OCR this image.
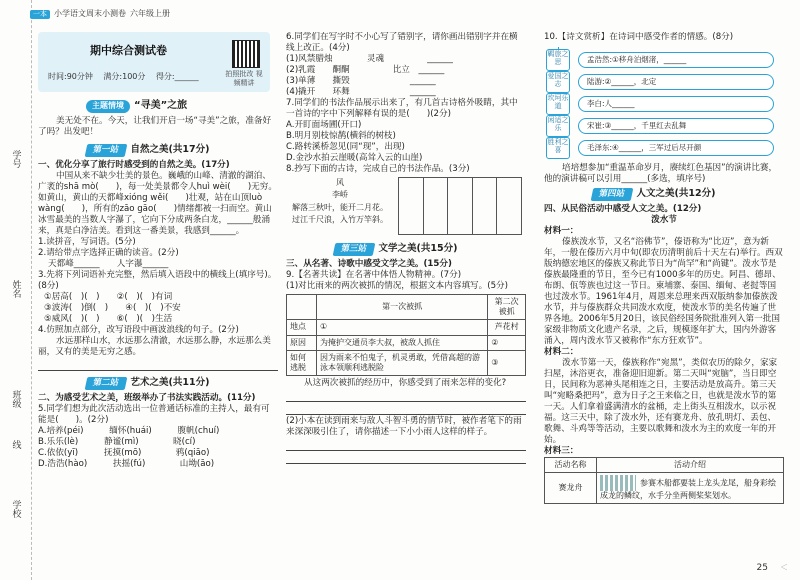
学号
姓名
班级
线
学校
一本 小学语文周末小测卷 六年级上册
期中综合测试卷
时间:90分钟　 满分:100分　 得分:______	拍照批改 视频精讲
主题情境	“寻美”之旅

美无处不在。今天，让我们开启一场“寻美”之旅，准备好了吗？出发吧！

第一站	自然之美(共17分)

一、优化分享了旅行时感受到的自然之美。(17分)

中国从来不缺少壮美的景色。巍峨的山峰、清澈的湖泊、广袤的shā mò(　　)，每一处美景都令人huì wèi(　　)无穷。如黄山，黄山的天都峰xióng wěi(　　)壮观，站在山顶luò wàng(　　)，所有的zāo gāo(　　)情绪都被一扫而空。黄山冰雪最美的当数人字瀑了，它向下分成两条白龙，______般涌来，真是白净洁美。看到这一番美景，我感到______。

1.读拼音，写词语。(5分)

2.请给带点字选择正确的读音。(2分)

天都峰______　　人字瀑______

3.先将下列词语补充完整，然后填入语段中的横线上(填序号)。(8分)

①居高(　)(　)　　②(　)(　)有词

③波涛(　)倒(　)　　④(　)(　)不安

⑤威风(　)(　)　　⑥(　)(　)生活

4.仿照加点部分，改写语段中画波浪线的句子。(2分)

水远那样山水，水远那么清澈，水远那么静，水远那么美丽，又有的美是无穷之感。

第二站	艺术之美(共11分)

二、为感受艺术之美，班级举办了书法实践活动。(11分)

5.同学们想为此次活动选出一位普通话标准的主持人，最有可能是(　　)。(2分)

A.培养(péi)　　　缅怀(huái)　　　腹帆(chuí)

B.乐乐(lè)　　　静谧(mì)　　　　晓(cí)

C.依依(yī)　　　抚摸(mō)　　　　鸦(qiāo)

D.浩浩(hào)　　　扶摇(fú)　　　　山坳(āo)

6.同学们在写字时不小心写了错别字，请你画出错别字并在横线上改正。(4分)

(1)风禁腊烛　　　　灵魂　　　　　______

(2)乳霞　　酮酮　　　　　比立　______

(3)单薄　　撕毁　　　　　　　______

(4)撬开　　环舞　　　　　　　______

7.同学们的书法作品展示出来了，有几首古诗格外吸睛，其中一首诗的字中下列解释有误的是(　　)(2分)

A.开盯面场圃(开口)

B.明月别枝惊鹊(横斜的树枝)

C.路转溪桥忽见(同“现”，出现)

D.金沙水拍云崖暖(高耸入云的山崖)

8.抄写下面的古诗，完成自己的书法作品。(3分)

风
李峤
解落三秋叶，能开二月花。
过江千尺浪，入竹万竿斜。
第三站	文学之美(共15分)

三、从名著、诗歌中感受文学之美。(15分)

9.【名著共读】在名著中体悟人物精神。(7分)

(1)对比雨来的两次被抓的情况，根据文本内容填写。(5分)

	第一次被抓	第二次被抓
地点	①	芦花村
原因	为掩护交通员李大叔，被敌人抓住	②
如何逃脱	因为雨来不怕鬼子，机灵勇敢，凭借高超的游泳本领顺利逃脱险	③

从这两次被抓的经历中，你感受到了雨来怎样的变化?

(2)小本在读到雨来与敌人斗智斗勇的情节时，被作者笔下的雨来深深吸引住了，请你描述一下小小雨人这样的样子。

10.【诗文赏析】在诗词中感受作者的情感。(8分)

羁旅之思	孟浩然:①移舟泊烟渚，______
爱国之志	陆游:②______，北定
坎坷乐道	李白:人______
闲适之乐	宋崔:③______，千里红去乱舞
胜利之喜	毛泽东:④______，三军过后尽开颜

培培想参加“重温革命岁月，赓续红色基因”的演讲比赛，他的演讲稿可以引用______(多选，填序号)

第四站	人文之美(共12分)

四、从民俗活动中感受人文之美。(12分)

泼水节

材料一：

傣族泼水节，又名“浴佛节”，傣语称为“比迈”，意为新年，一般在傣历六月中旬(即农历清明前后十天左右)举行。西双版纳德宏地区的傣族又称此节日为“尚罕”和“尚键”。泼水节是傣族最隆重的节日，至今已有1000多年的历史。阿昌、德昂、布朗、佤等族也过这一节日。柬埔寨、泰国、缅甸、老挝等国也过泼水节。1961年4月，周恩来总理来西双版纳参加傣族泼水节，并与傣族群众共同泼水欢度，使泼水节的美名传遍了世界各地。2006年5月20日，该民俗经国务院批准列入第一批国家级非物质文化遗产名录，之后，规模逐年扩大，国内外游客涌入，周内泼水节又被称作“东方狂欢节”。

材料二：

泼水节第一天，傣族称作“宛黑”，类似农历的除夕，家家扫屋，沐浴更衣，准备迎旧迎新。第二天叫“宛脑”，当日即空日，民间称为恶神头尾相连之日，主要活动是放高升。第三天叫“宛略桑把玛”，意为日子之王来临之日，也就是泼水节的第一天。人们拿着盛满清水的盆桶，走上街头互相泼水，以示祝福。这三天中，除了泼水外，还有赛龙舟、放孔明灯、丢包、歌舞、斗鸡等等活动，主要以歌舞和泼水为主的欢度一年的开始。

材料三：

活动名称	活动介绍
赛龙舟	参赛木船都要装上龙头龙尾，船身彩绘成龙的鳞纹，水手分坐两侧桨桨划水。
＜
25
